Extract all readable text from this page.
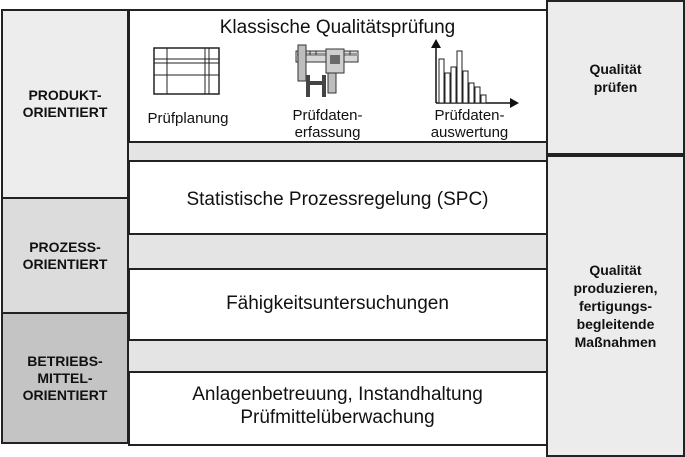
PRODUKT-
ORIENTIERT
PROZESS-
ORIENTIERT
BETRIEBS-
MITTEL-
ORIENTIERT
Klassische Qualitätsprüfung
Prüfplanung	Prüfdaten-
erfassung
Prüfdaten-
auswertung
Statistische Prozessregelung (SPC)
Fähigkeitsuntersuchungen
Anlagenbetreuung, Instandhaltung
Prüfmittelüberwachung
Qualität
prüfen
Qualität
produzieren,
fertigungs-
begleitende
Maßnahmen
